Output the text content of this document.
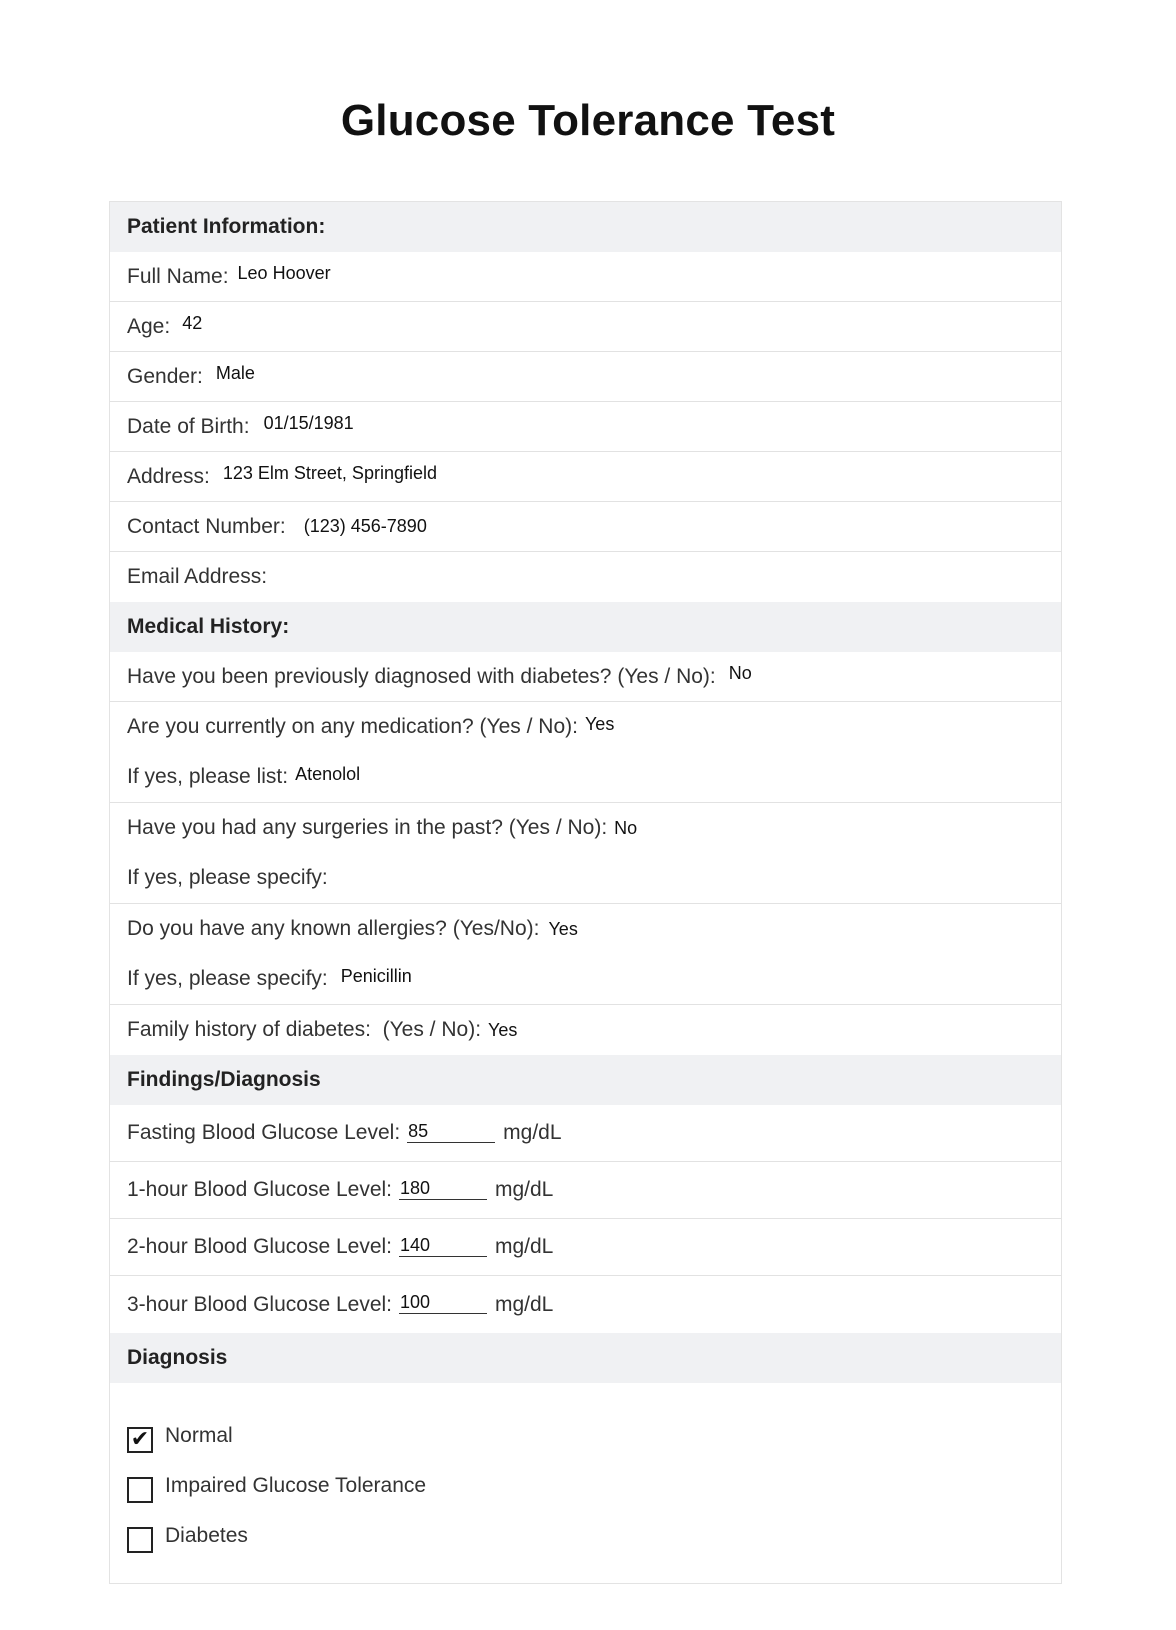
Glucose Tolerance Test
Patient Information:
Full Name: Leo Hoover
Age: 42
Gender: Male
Date of Birth: 01/15/1981
Address: 123 Elm Street, Springfield
Contact Number: (123) 456-7890
Email Address:
Medical History:
Have you been previously diagnosed with diabetes? (Yes / No): No
Are you currently on any medication? (Yes / No): Yes
If yes, please list: Atenolol
Have you had any surgeries in the past? (Yes / No): No
If yes, please specify:
Do you have any known allergies? (Yes/No): Yes
If yes, please specify: Penicillin
Family history of diabetes:  (Yes / No): Yes
Findings/Diagnosis
Fasting Blood Glucose Level: 85	mg/dL
1-hour Blood Glucose Level: 180	mg/dL
2-hour Blood Glucose Level: 140	mg/dL
3-hour Blood Glucose Level: 100	mg/dL
Diagnosis
✔ Normal
Impaired Glucose Tolerance
Diabetes
